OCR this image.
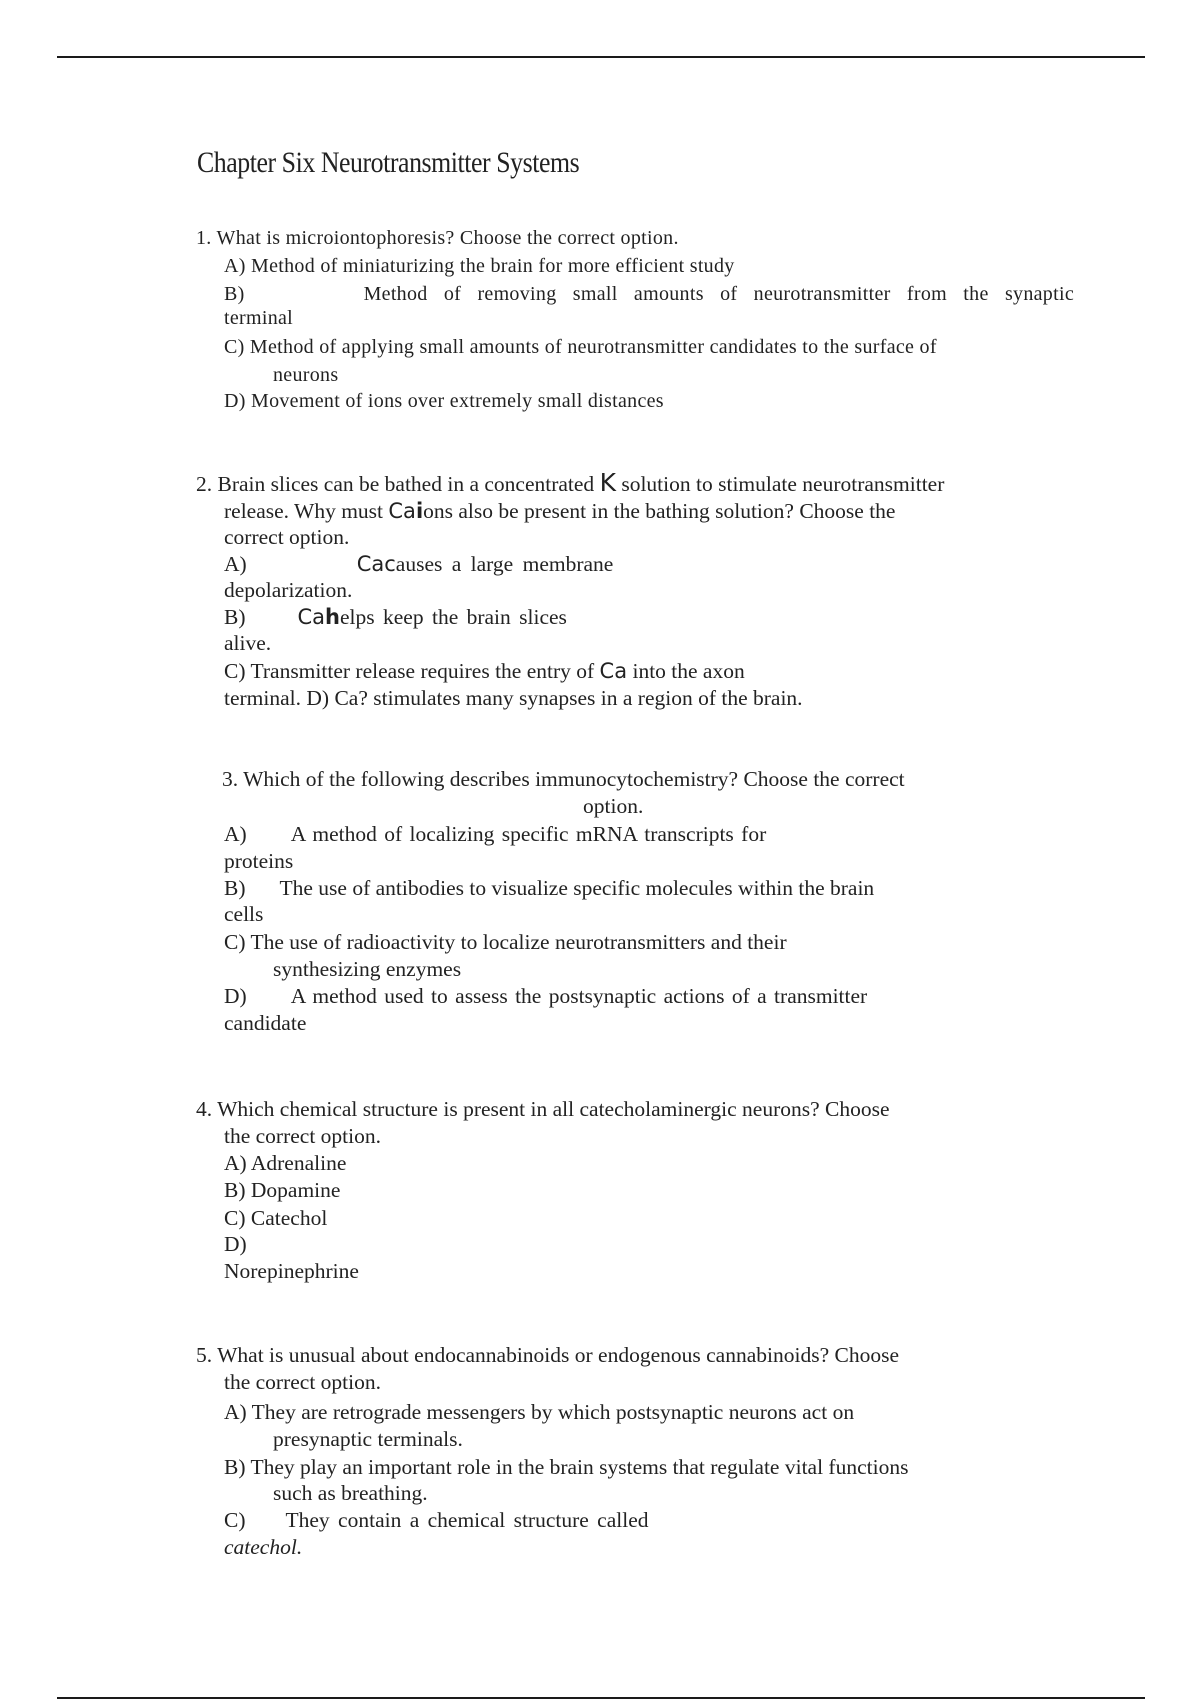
Chapter Six Neurotransmitter Systems
1. What is microiontophoresis? Choose the correct option.
A) Method of miniaturizing the brain for more efficient study
B)	Method of removing small amounts of neurotransmitter from the synaptic
terminal
C) Method of applying small amounts of neurotransmitter candidates to the surface of
neurons
D) Movement of ions over extremely small distances
2. Brain slices can be bathed in a concentrated K solution to stimulate neurotransmitter
release. Why must Caions also be present in the bathing solution? Choose the
correct option.
A)	Cacauses a large membrane
depolarization.
B) Cahelps keep the brain slices
alive.
C) Transmitter release requires the entry of Ca into the axon
terminal. D) Ca? stimulates many synapses in a region of the brain.
3. Which of the following describes immunocytochemistry? Choose the correct
option.
A) A method of localizing specific mRNA transcripts for
proteins
B) The use of antibodies to visualize specific molecules within the brain
cells
C) The use of radioactivity to localize neurotransmitters and their
synthesizing enzymes
D) A method used to assess the postsynaptic actions of a transmitter
candidate
4. Which chemical structure is present in all catecholaminergic neurons? Choose
the correct option.
A) Adrenaline
B) Dopamine
C) Catechol
D)
Norepinephrine
5. What is unusual about endocannabinoids or endogenous cannabinoids? Choose
the correct option.
A) They are retrograde messengers by which postsynaptic neurons act on
presynaptic terminals.
B) They play an important role in the brain systems that regulate vital functions
such as breathing.
C) They contain a chemical structure called
catechol.
